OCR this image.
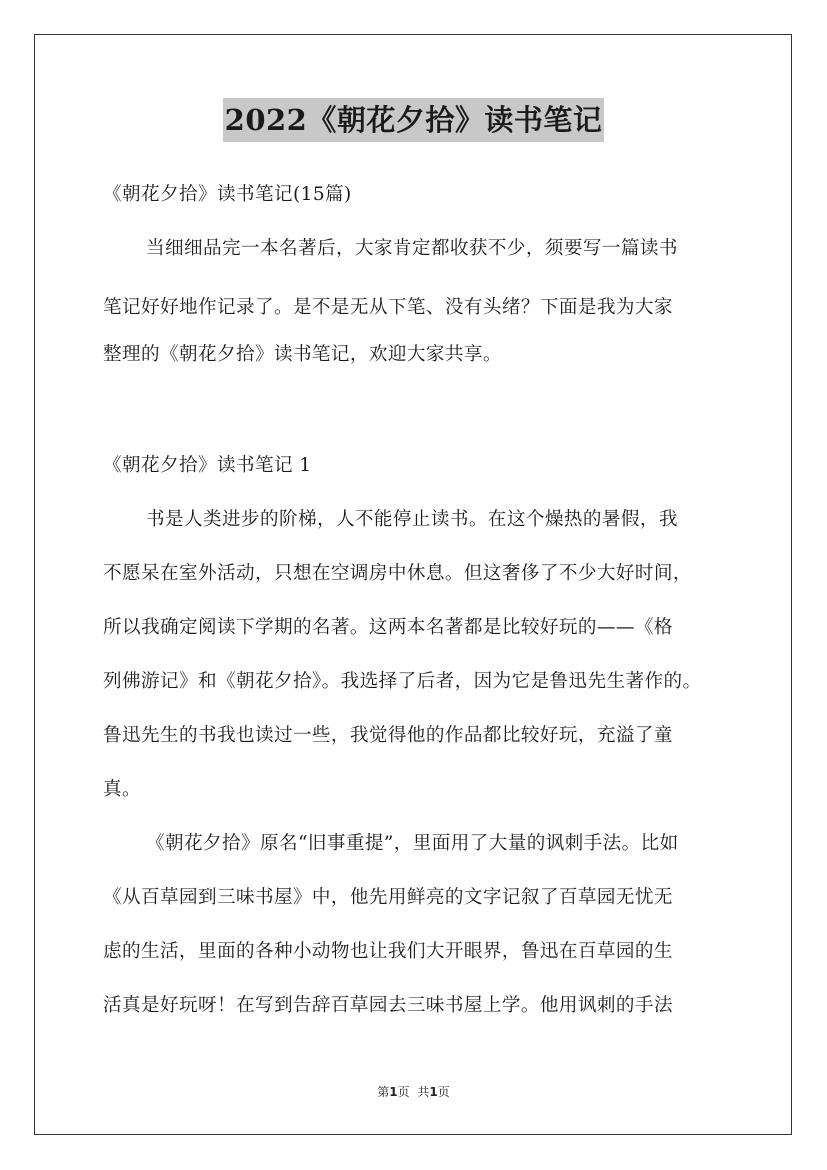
2022《朝花夕拾》读书笔记
《朝花夕拾》读书笔记(15篇)
当细细品完一本名著后，大家肯定都收获不少，须要写一篇读书
笔记好好地作记录了。是不是无从下笔、没有头绪？下面是我为大家
整理的《朝花夕拾》读书笔记，欢迎大家共享。
《朝花夕拾》读书笔记 1
书是人类进步的阶梯，人不能停止读书。在这个燥热的暑假，我
不愿呆在室外活动，只想在空调房中休息。但这奢侈了不少大好时间，
所以我确定阅读下学期的名著。这两本名著都是比较好玩的——《格
列佛游记》和《朝花夕拾》。我选择了后者，因为它是鲁迅先生著作的。
鲁迅先生的书我也读过一些，我觉得他的作品都比较好玩，充溢了童
真。
《朝花夕拾》原名“旧事重提”，里面用了大量的讽刺手法。比如
《从百草园到三味书屋》中，他先用鲜亮的文字记叙了百草园无忧无
虑的生活，里面的各种小动物也让我们大开眼界，鲁迅在百草园的生
活真是好玩呀！在写到告辞百草园去三味书屋上学。他用讽刺的手法
第1页 共1页
